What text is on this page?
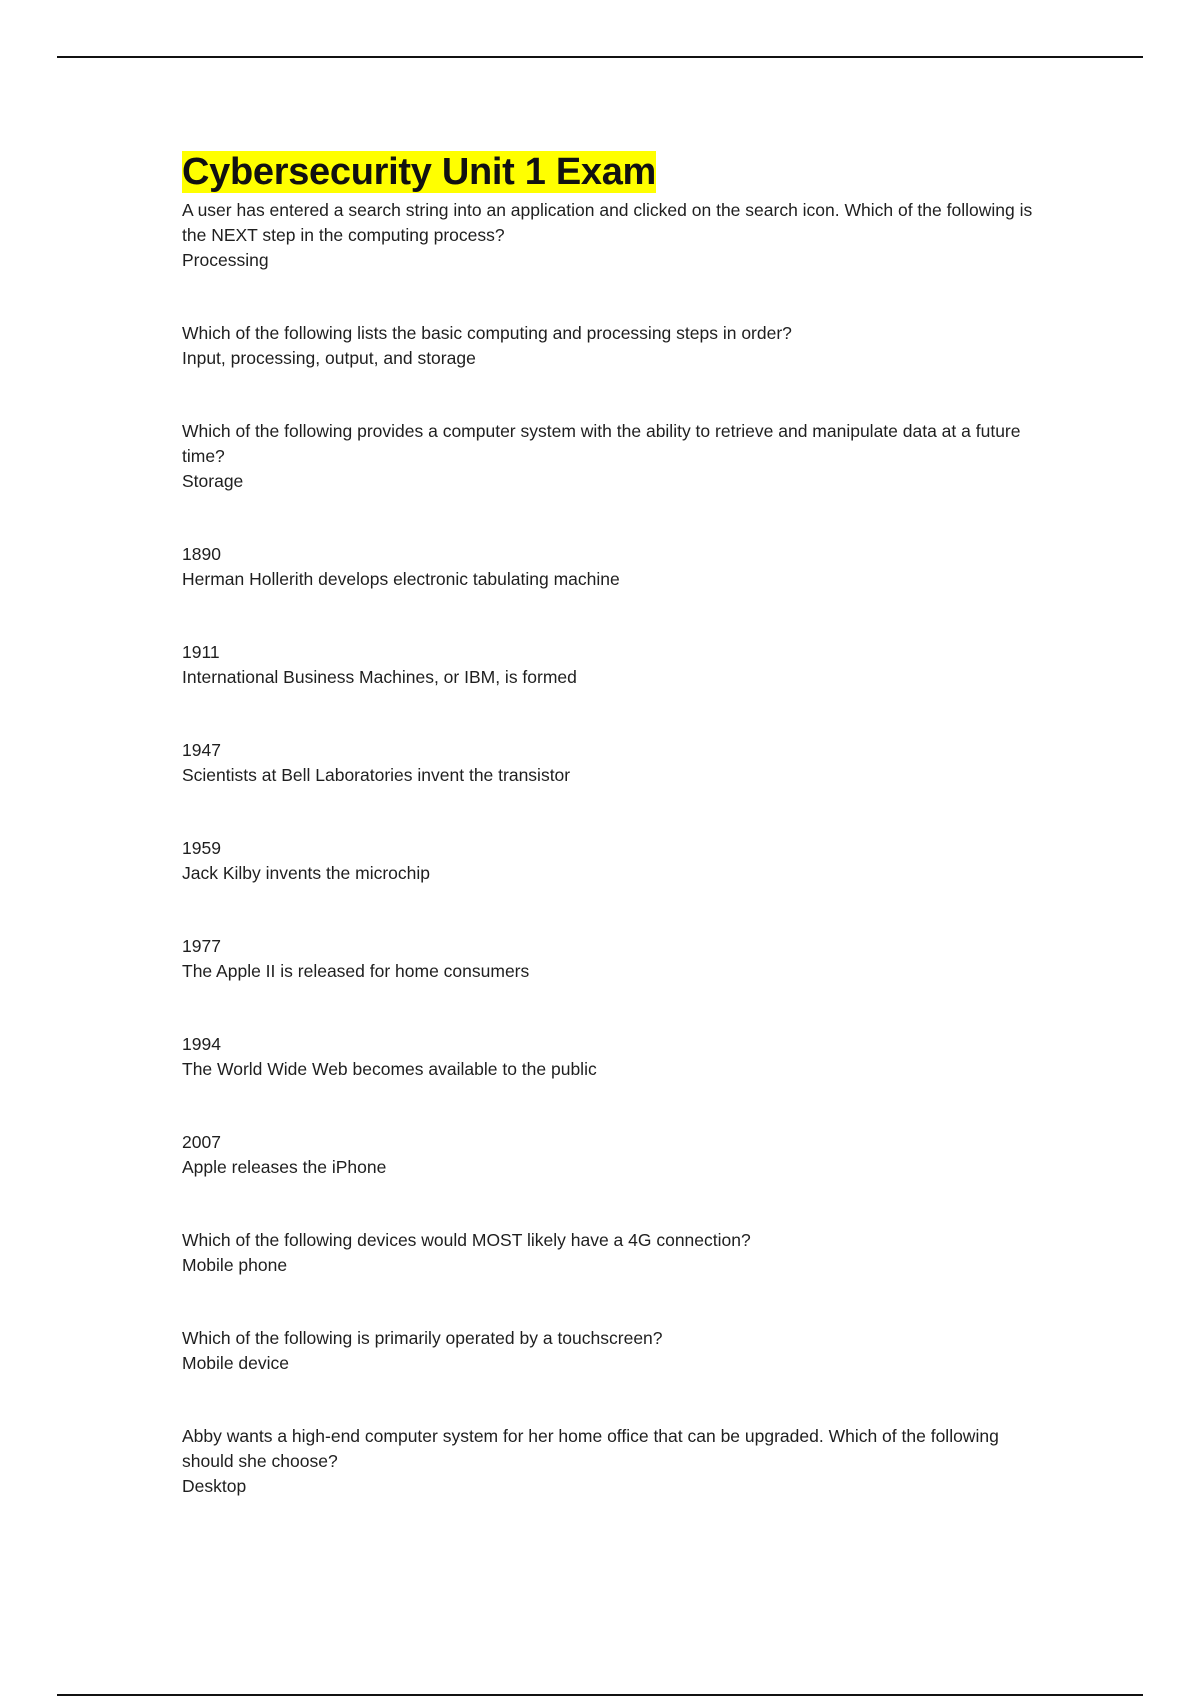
Cybersecurity Unit 1 Exam

A user has entered a search string into an application and clicked on the search icon. Which of the following is the NEXT step in the computing process?

Processing

Which of the following lists the basic computing and processing steps in order?

Input, processing, output, and storage

Which of the following provides a computer system with the ability to retrieve and manipulate data at a future time?

Storage

1890

Herman Hollerith develops electronic tabulating machine

1911

International Business Machines, or IBM, is formed

1947

Scientists at Bell Laboratories invent the transistor

1959

Jack Kilby invents the microchip

1977

The Apple II is released for home consumers

1994

The World Wide Web becomes available to the public

2007

Apple releases the iPhone

Which of the following devices would MOST likely have a 4G connection?

Mobile phone

Which of the following is primarily operated by a touchscreen?

Mobile device

Abby wants a high-end computer system for her home office that can be upgraded. Which of the following should she choose?

Desktop
